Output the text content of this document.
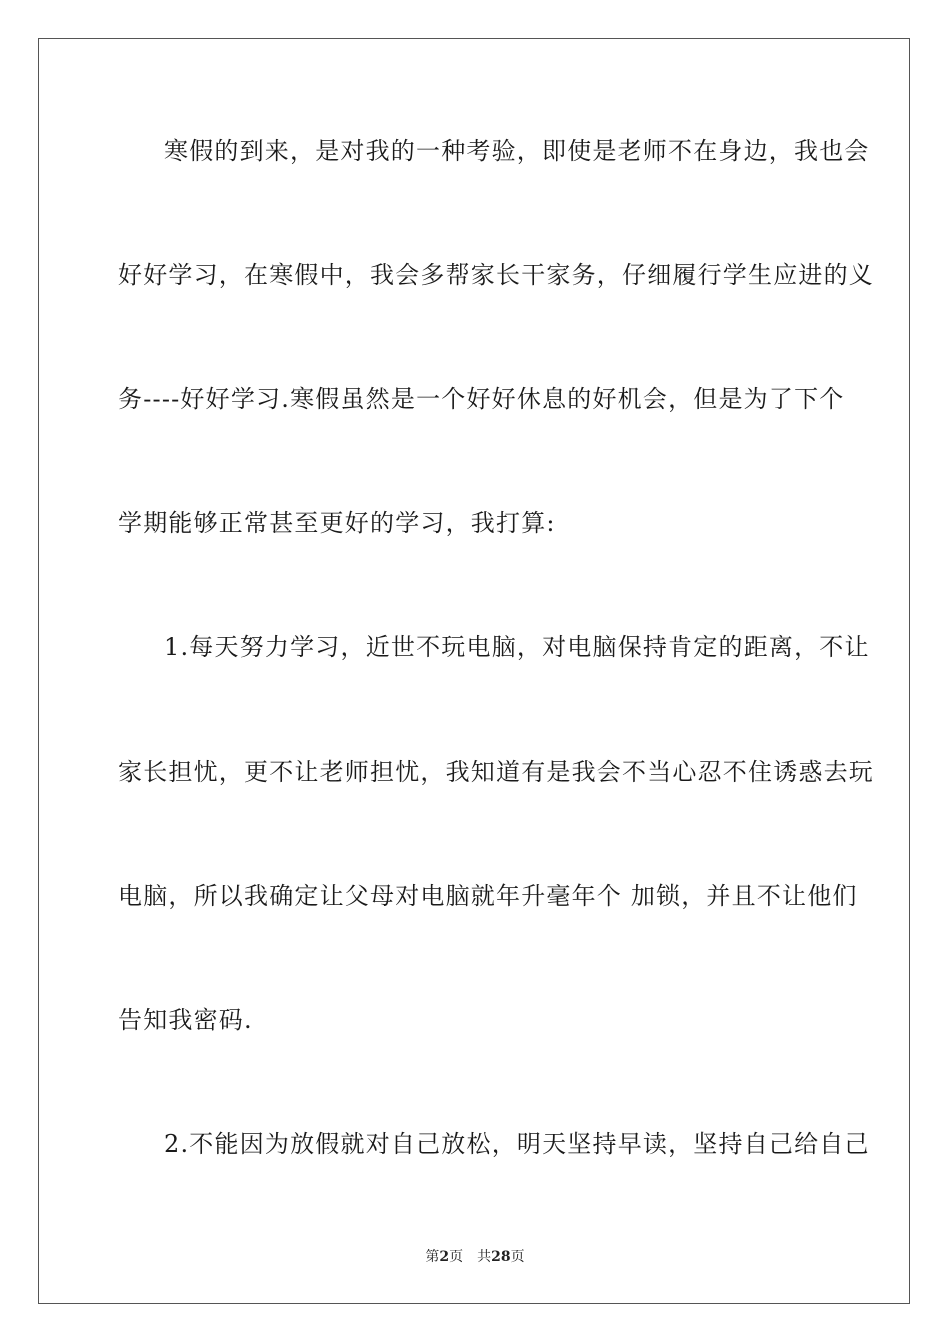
寒假的到来，是对我的一种考验，即使是老师不在身边，我也会
好好学习，在寒假中，我会多帮家长干家务，仔细履行学生应进的义
务----好好学习.寒假虽然是一个好好休息的好机会，但是为了下个
学期能够正常甚至更好的学习，我打算:
1.每天努力学习，近世不玩电脑，对电脑保持肯定的距离，不让
家长担忧，更不让老师担忧，我知道有是我会不当心忍不住诱惑去玩
电脑，所以我确定让父母对电脑就年升毫年个 加锁，并且不让他们
告知我密码.
2.不能因为放假就对自己放松，明天坚持早读，坚持自己给自己
第2页 共28页
